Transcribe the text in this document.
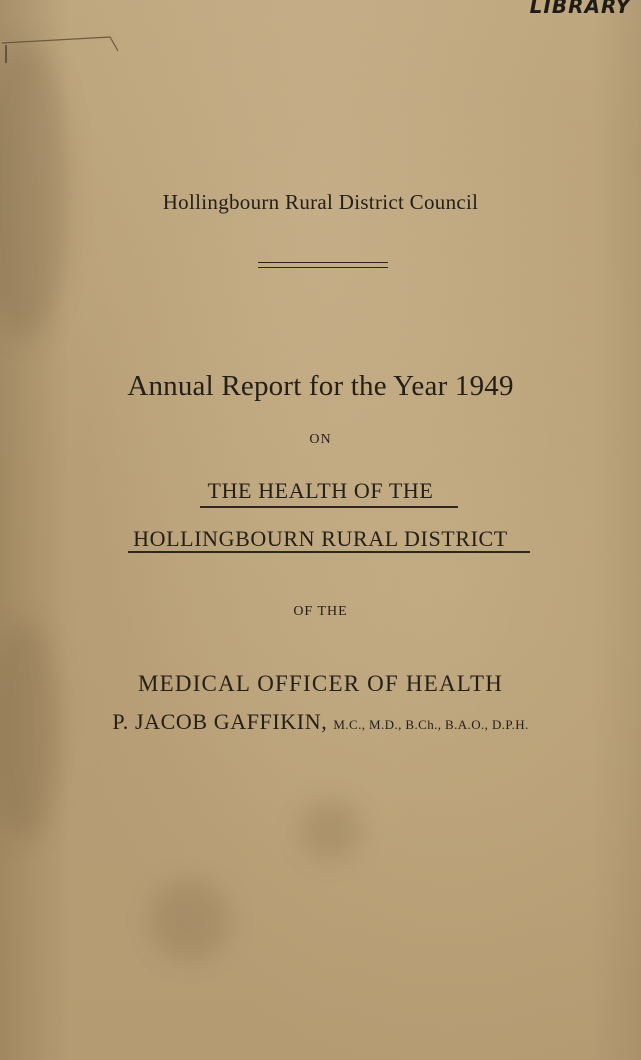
LIBRARY
Hollingbourn Rural District Council
Annual Report for the Year 1949
ON
THE HEALTH OF THE
HOLLINGBOURN RURAL DISTRICT
OF THE
MEDICAL OFFICER OF HEALTH
P. JACOB GAFFIKIN, M.C., M.D., B.Ch., B.A.O., D.P.H.
